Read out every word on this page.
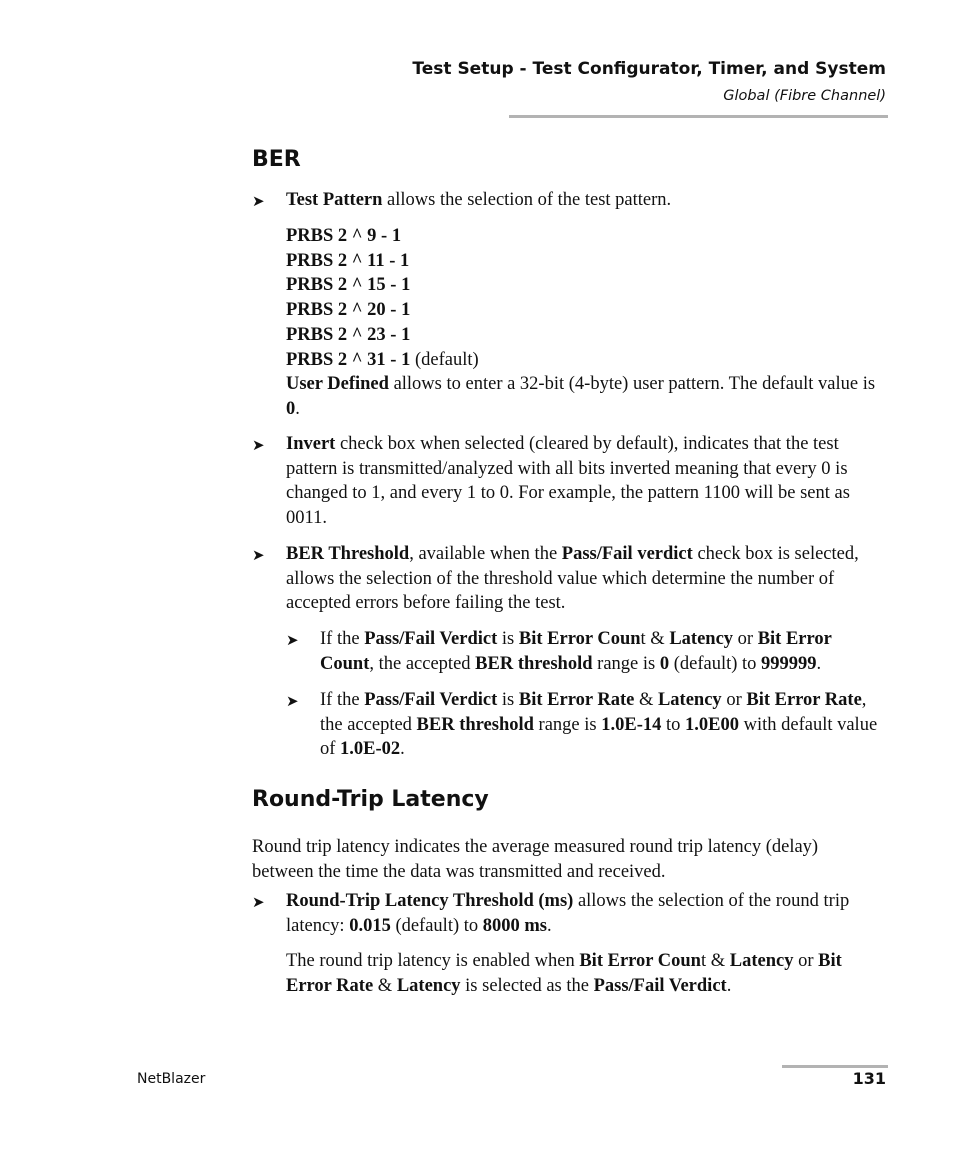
Test Setup - Test Configurator, Timer, and System
Global (Fibre Channel)
BER
➤ Test Pattern allows the selection of the test pattern.

PRBS 2 ^ 9 - 1
PRBS 2 ^ 11 - 1
PRBS 2 ^ 15 - 1
PRBS 2 ^ 20 - 1
PRBS 2 ^ 23 - 1
PRBS 2 ^ 31 - 1 (default)
User Defined allows to enter a 32-bit (4-byte) user pattern. The default value is 0.
➤ Invert check box when selected (cleared by default), indicates that the test pattern is transmitted/analyzed with all bits inverted meaning that every 0 is changed to 1, and every 1 to 0. For example, the pattern 1100 will be sent as 0011.

➤ BER Threshold, available when the Pass/Fail verdict check box is selected, allows the selection of the threshold value which determine the number of accepted errors before failing the test.

➤ If the Pass/Fail Verdict is Bit Error Count & Latency or Bit Error Count, the accepted BER threshold range is 0 (default) to 999999.

➤ If the Pass/Fail Verdict is Bit Error Rate & Latency or Bit Error Rate, the accepted BER threshold range is 1.0E-14 to 1.0E00 with default value of 1.0E-02.

Round trip latency indicates the average measured round trip latency (delay) between the time the data was transmitted and received.

➤ Round-Trip Latency Threshold (ms) allows the selection of the round trip latency: 0.015 (default) to 8000 ms.

The round trip latency is enabled when Bit Error Count & Latency or Bit Error Rate & Latency is selected as the Pass/Fail Verdict.

Round-Trip Latency
NetBlazer	131
